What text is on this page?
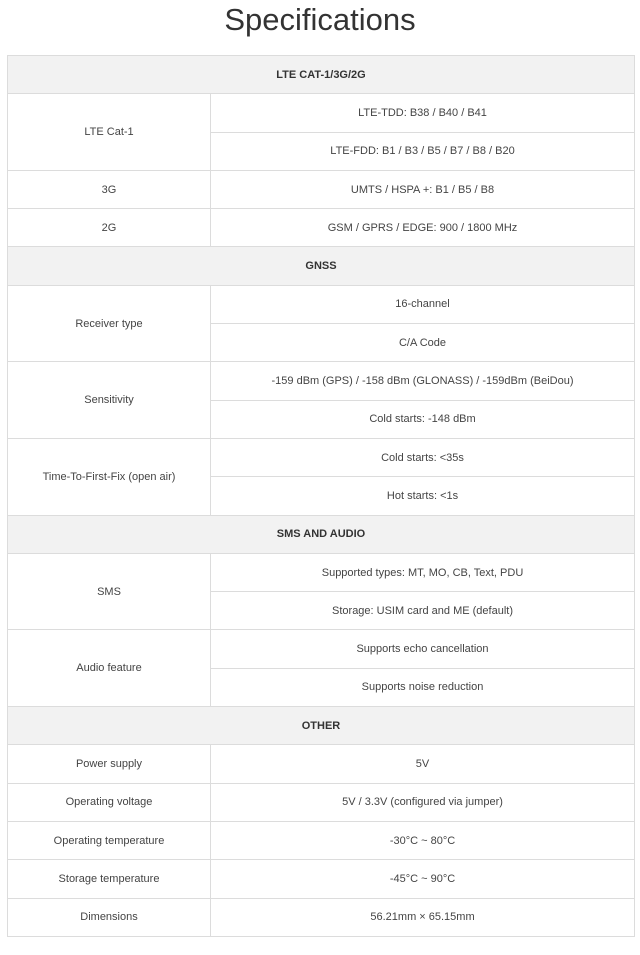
Specifications
LTE CAT-1/3G/2G	
LTE Cat-1	LTE-TDD: B38 / B40 / B41
	LTE-FDD: B1 / B3 / B5 / B7 / B8 / B20
3G	UMTS / HSPA +: B1 / B5 / B8
2G	GSM / GPRS / EDGE: 900 / 1800 MHz
GNSS	
Receiver type	16-channel
	C/A Code
Sensitivity	-159 dBm (GPS) / -158 dBm (GLONASS) / -159dBm (BeiDou)
	Cold starts: -148 dBm
Time-To-First-Fix (open air)	Cold starts: <35s
	Hot starts: <1s
SMS AND AUDIO	
SMS	Supported types: MT, MO, CB, Text, PDU
	Storage: USIM card and ME (default)
Audio feature	Supports echo cancellation
	Supports noise reduction
OTHER	
Power supply	5V
Operating voltage	5V / 3.3V (configured via jumper)
Operating temperature	-30°C ~ 80°C
Storage temperature	-45°C ~ 90°C
Dimensions	56.21mm × 65.15mm
